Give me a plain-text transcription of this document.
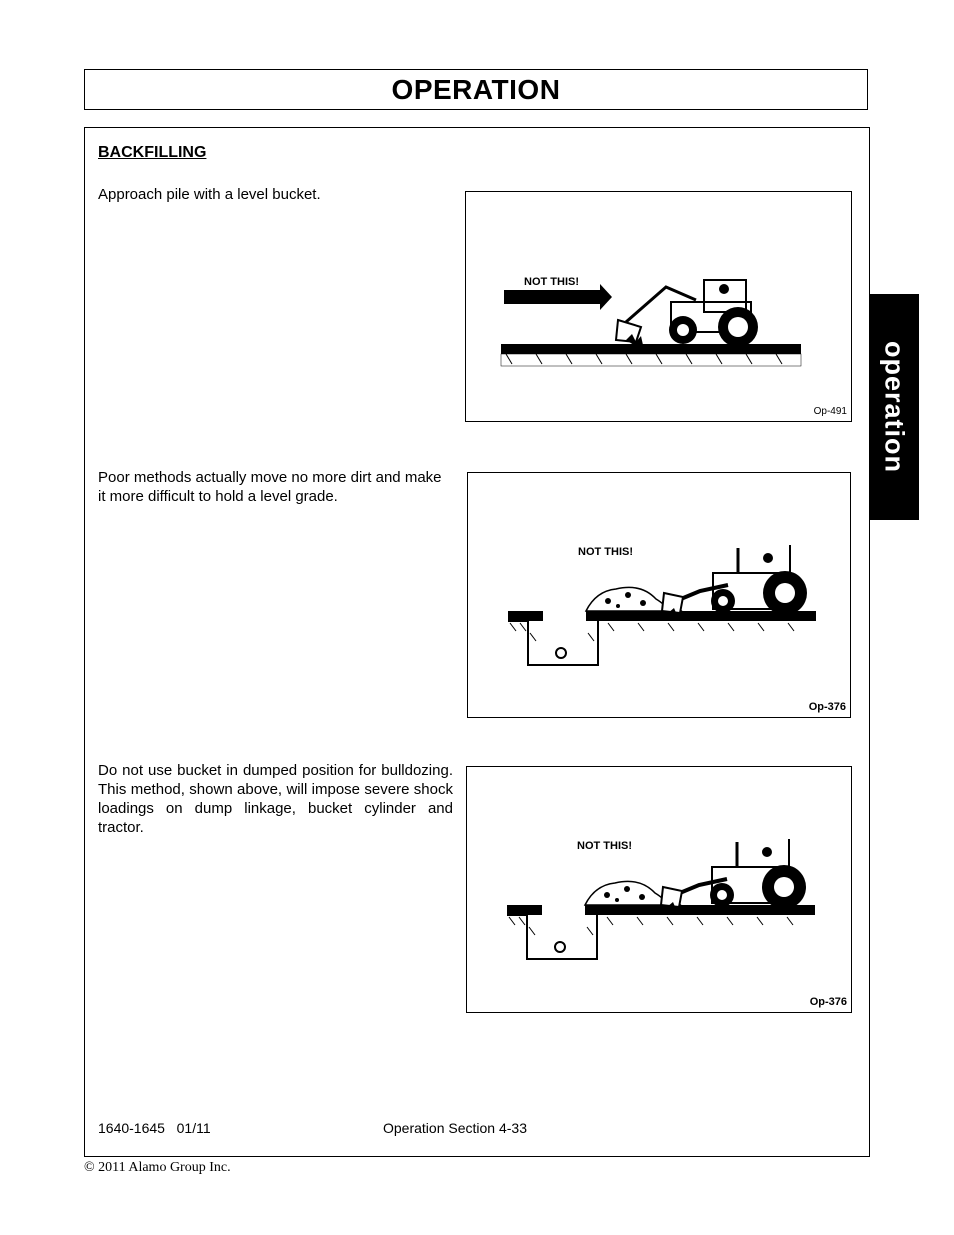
OPERATION
operation
BACKFILLING
Approach pile with a level bucket.
Poor methods actually move no more dirt and make it more difficult to hold a level grade.
Do not use bucket in dumped position for bulldozing. This method, shown above, will impose severe shock loadings on dump linkage, bucket cylinder and tractor.
NOT THIS!
Op-491
NOT THIS!
Op-376
NOT THIS!
Op-376
1640-1645   01/11	Operation Section 4-33
© 2011 Alamo Group Inc.
